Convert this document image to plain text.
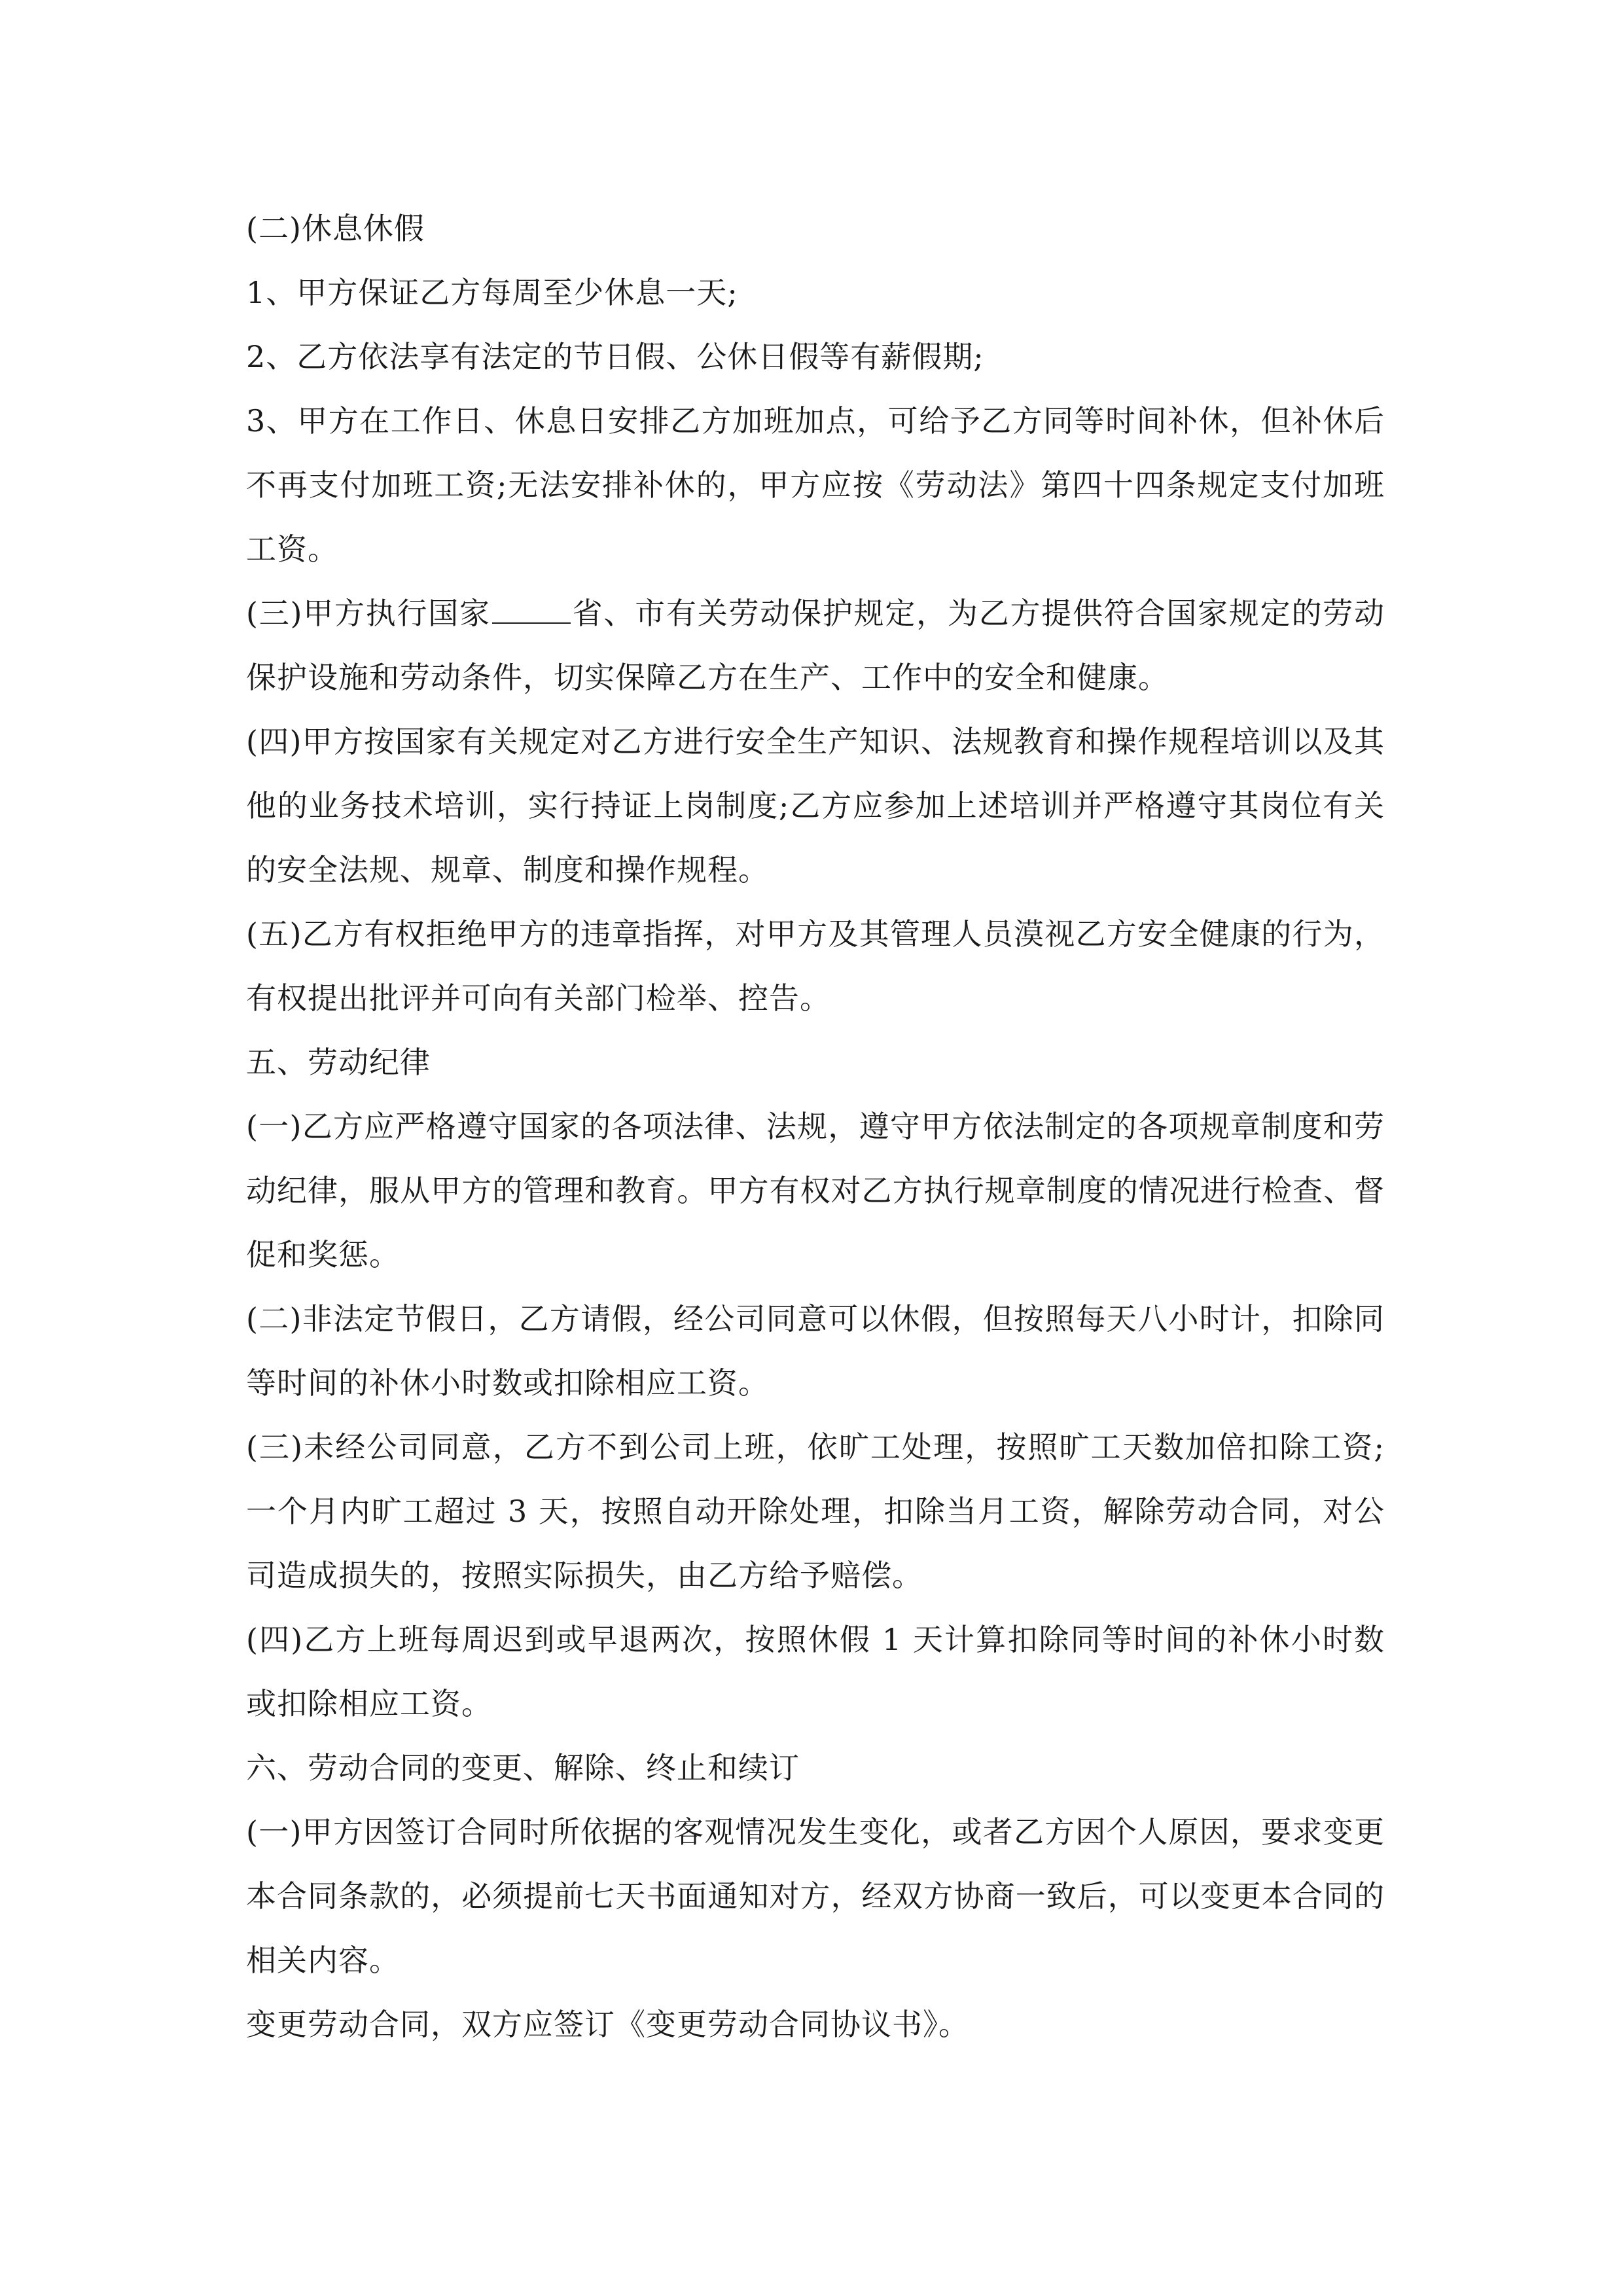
(二)休息休假

1、甲方保证乙方每周至少休息一天;

2、乙方依法享有法定的节日假、公休日假等有薪假期;

3、甲方在工作日、休息日安排乙方加班加点，可给予乙方同等时间补休，但补休后不再支付加班工资;无法安排补休的，甲方应按《劳动法》第四十四条规定支付加班工资。

(三)甲方执行国家	省、市有关劳动保护规定，为乙方提供符合国家规定的劳动保护设施和劳动条件，切实保障乙方在生产、工作中的安全和健康。

(四)甲方按国家有关规定对乙方进行安全生产知识、法规教育和操作规程培训以及其他的业务技术培训，实行持证上岗制度;乙方应参加上述培训并严格遵守其岗位有关的安全法规、规章、制度和操作规程。

(五)乙方有权拒绝甲方的违章指挥，对甲方及其管理人员漠视乙方安全健康的行为，有权提出批评并可向有关部门检举、控告。

五、劳动纪律

(一)乙方应严格遵守国家的各项法律、法规，遵守甲方依法制定的各项规章制度和劳动纪律，服从甲方的管理和教育。甲方有权对乙方执行规章制度的情况进行检查、督促和奖惩。

(二)非法定节假日，乙方请假，经公司同意可以休假，但按照每天八小时计，扣除同等时间的补休小时数或扣除相应工资。

(三)未经公司同意，乙方不到公司上班，依旷工处理，按照旷工天数加倍扣除工资;一个月内旷工超过 3 天，按照自动开除处理，扣除当月工资，解除劳动合同，对公司造成损失的，按照实际损失，由乙方给予赔偿。

(四)乙方上班每周迟到或早退两次，按照休假 1 天计算扣除同等时间的补休小时数或扣除相应工资。

六、劳动合同的变更、解除、终止和续订

(一)甲方因签订合同时所依据的客观情况发生变化，或者乙方因个人原因，要求变更本合同条款的，必须提前七天书面通知对方，经双方协商一致后，可以变更本合同的相关内容。

变更劳动合同，双方应签订《变更劳动合同协议书》。
